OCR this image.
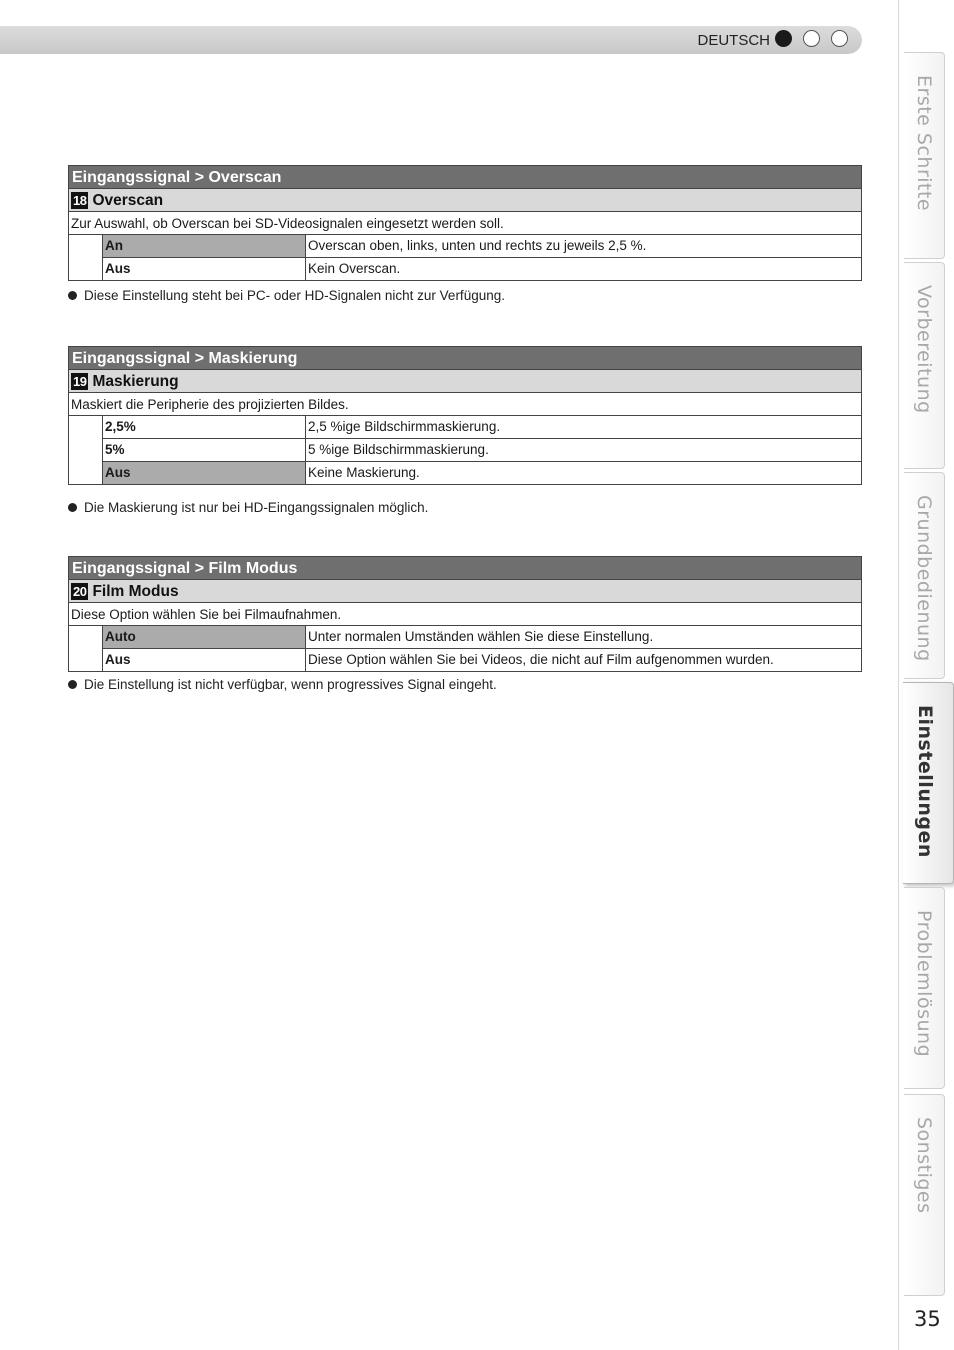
DEUTSCH
Eingangssignal > Overscan
18 Overscan
Zur Auswahl, ob Overscan bei SD-Videosignalen eingesetzt werden soll.
An	Overscan oben, links, unten und rechts zu jeweils 2,5 %.
Aus	Kein Overscan.
Diese Einstellung steht bei PC- oder HD-Signalen nicht zur Verfügung.
Eingangssignal > Maskierung
19 Maskierung
Maskiert die Peripherie des projizierten Bildes.
2,5%	2,5 %ige Bildschirmmaskierung.
5%	5 %ige Bildschirmmaskierung.
Aus	Keine Maskierung.
Die Maskierung ist nur bei HD-Eingangssignalen möglich.
Eingangssignal > Film Modus
20 Film Modus
Diese Option wählen Sie bei Filmaufnahmen.
Auto	Unter normalen Umständen wählen Sie diese Einstellung.
Aus	Diese Option wählen Sie bei Videos, die nicht auf Film aufgenommen wurden.
Die Einstellung ist nicht verfügbar, wenn progressives Signal eingeht.
Erste Schritte
Vorbereitung
Grundbedienung
Einstellungen
Problemlösung
Sonstiges
35
